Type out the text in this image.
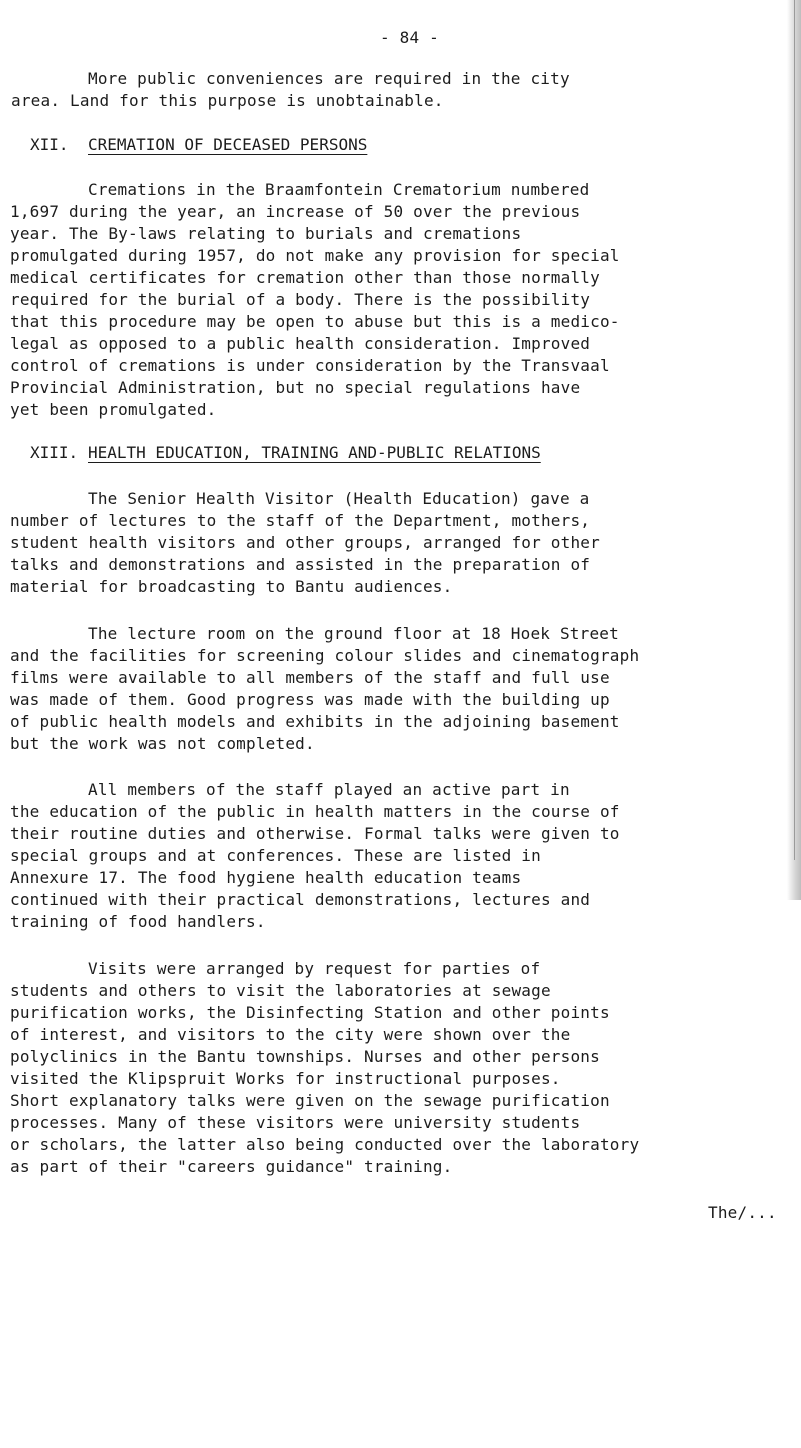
- 84 -
More public conveniences are required in the city
area. Land for this purpose is unobtainable.
XII. CREMATION OF DECEASED PERSONS
Cremations in the Braamfontein Crematorium numbered
1,697 during the year, an increase of 50 over the previous
year. The By-laws relating to burials and cremations
promulgated during 1957, do not make any provision for special
medical certificates for cremation other than those normally
required for the burial of a body. There is the possibility
that this procedure may be open to abuse but this is a medico-
legal as opposed to a public health consideration. Improved
control of cremations is under consideration by the Transvaal
Provincial Administration, but no special regulations have
yet been promulgated.
XIII. HEALTH EDUCATION, TRAINING AND-PUBLIC RELATIONS
The Senior Health Visitor (Health Education) gave a
number of lectures to the staff of the Department, mothers,
student health visitors and other groups, arranged for other
talks and demonstrations and assisted in the preparation of
material for broadcasting to Bantu audiences.
The lecture room on the ground floor at 18 Hoek Street
and the facilities for screening colour slides and cinematograph
films were available to all members of the staff and full use
was made of them. Good progress was made with the building up
of public health models and exhibits in the adjoining basement
but the work was not completed.
All members of the staff played an active part in
the education of the public in health matters in the course of
their routine duties and otherwise. Formal talks were given to
special groups and at conferences. These are listed in
Annexure 17. The food hygiene health education teams
continued with their practical demonstrations, lectures and
training of food handlers.
Visits were arranged by request for parties of
students and others to visit the laboratories at sewage
purification works, the Disinfecting Station and other points
of interest, and visitors to the city were shown over the
polyclinics in the Bantu townships. Nurses and other persons
visited the Klipspruit Works for instructional purposes.
Short explanatory talks were given on the sewage purification
processes. Many of these visitors were university students
or scholars, the latter also being conducted over the laboratory
as part of their "careers guidance" training.
The/...
